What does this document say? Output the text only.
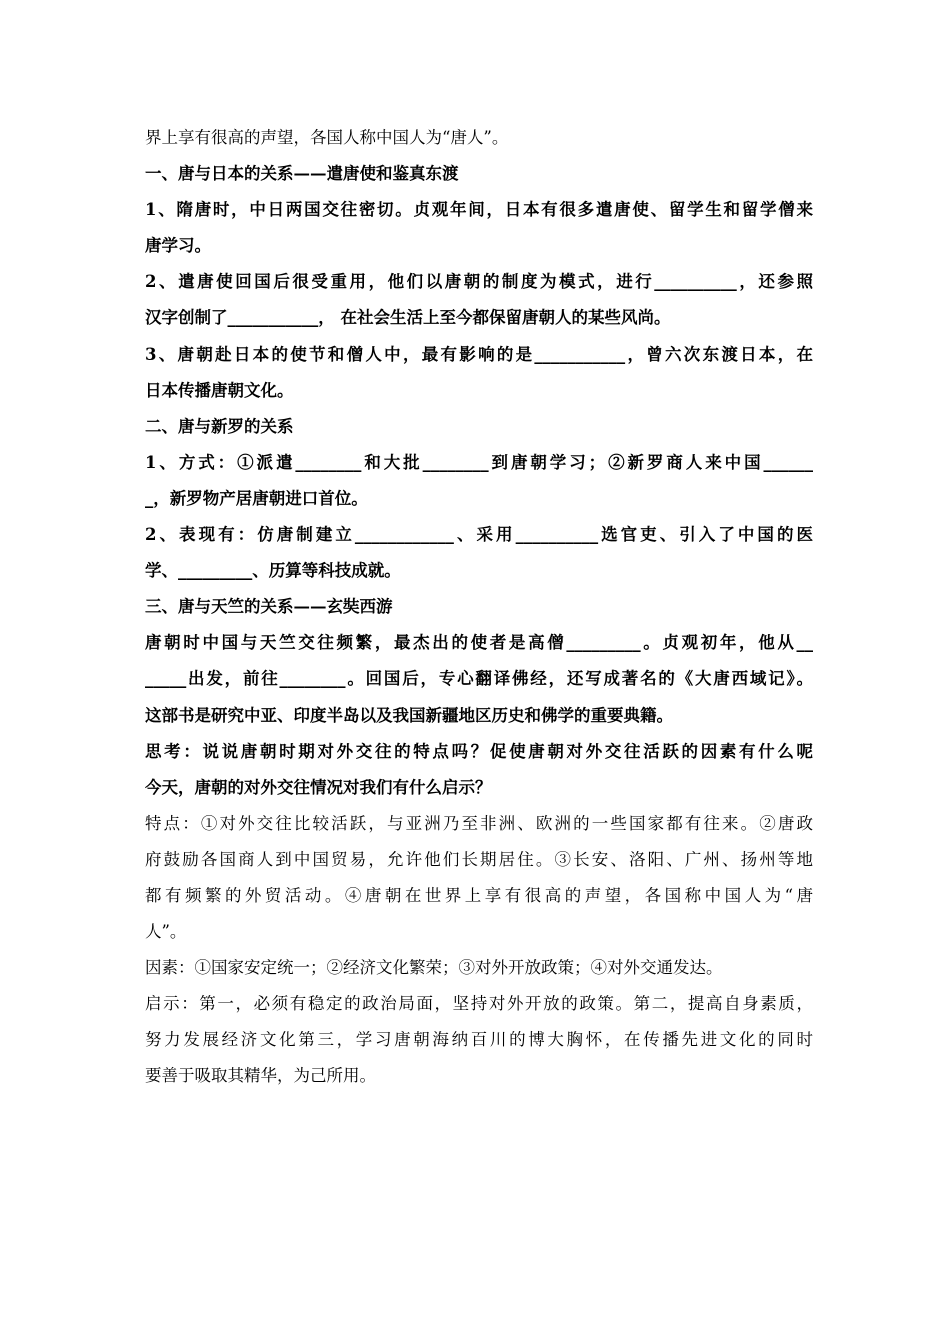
界上享有很高的声望，各国人称中国人为“唐人”。
一、唐与日本的关系——遣唐使和鉴真东渡
1、隋唐时，中日两国交往密切。贞观年间，日本有很多遣唐使、留学生和留学僧来
唐学习。
2、遣唐使回国后很受重用，他们以唐朝的制度为模式，进行__________，还参照
汉字创制了___________， 在社会生活上至今都保留唐朝人的某些风尚。
3、唐朝赴日本的使节和僧人中，最有影响的是___________，曾六次东渡日本，在
日本传播唐朝文化。
二、唐与新罗的关系
1、方式：①派遣________和大批________到唐朝学习；②新罗商人来中国______
_，新罗物产居唐朝进口首位。
2、表现有：仿唐制建立____________、采用__________选官吏、引入了中国的医
学、_________、历算等科技成就。
三、唐与天竺的关系——玄奘西游
唐朝时中国与天竺交往频繁，最杰出的使者是高僧_________。贞观初年，他从__
_____出发，前往________。回国后，专心翻译佛经，还写成著名的《大唐西域记》。
这部书是研究中亚、印度半岛以及我国新疆地区历史和佛学的重要典籍。
思考：说说唐朝时期对外交往的特点吗？促使唐朝对外交往活跃的因素有什么呢
今天，唐朝的对外交往情况对我们有什么启示？
特点：①对外交往比较活跃，与亚洲乃至非洲、欧洲的一些国家都有往来。②唐政
府鼓励各国商人到中国贸易，允许他们长期居住。③长安、洛阳、广州、扬州等地
都有频繁的外贸活动。④唐朝在世界上享有很高的声望，各国称中国人为“唐
人”。
因素：①国家安定统一；②经济文化繁荣；③对外开放政策；④对外交通发达。
启示：第一，必须有稳定的政治局面，坚持对外开放的政策。第二，提高自身素质，
努力发展经济文化第三，学习唐朝海纳百川的博大胸怀，在传播先进文化的同时
要善于吸取其精华，为己所用。
